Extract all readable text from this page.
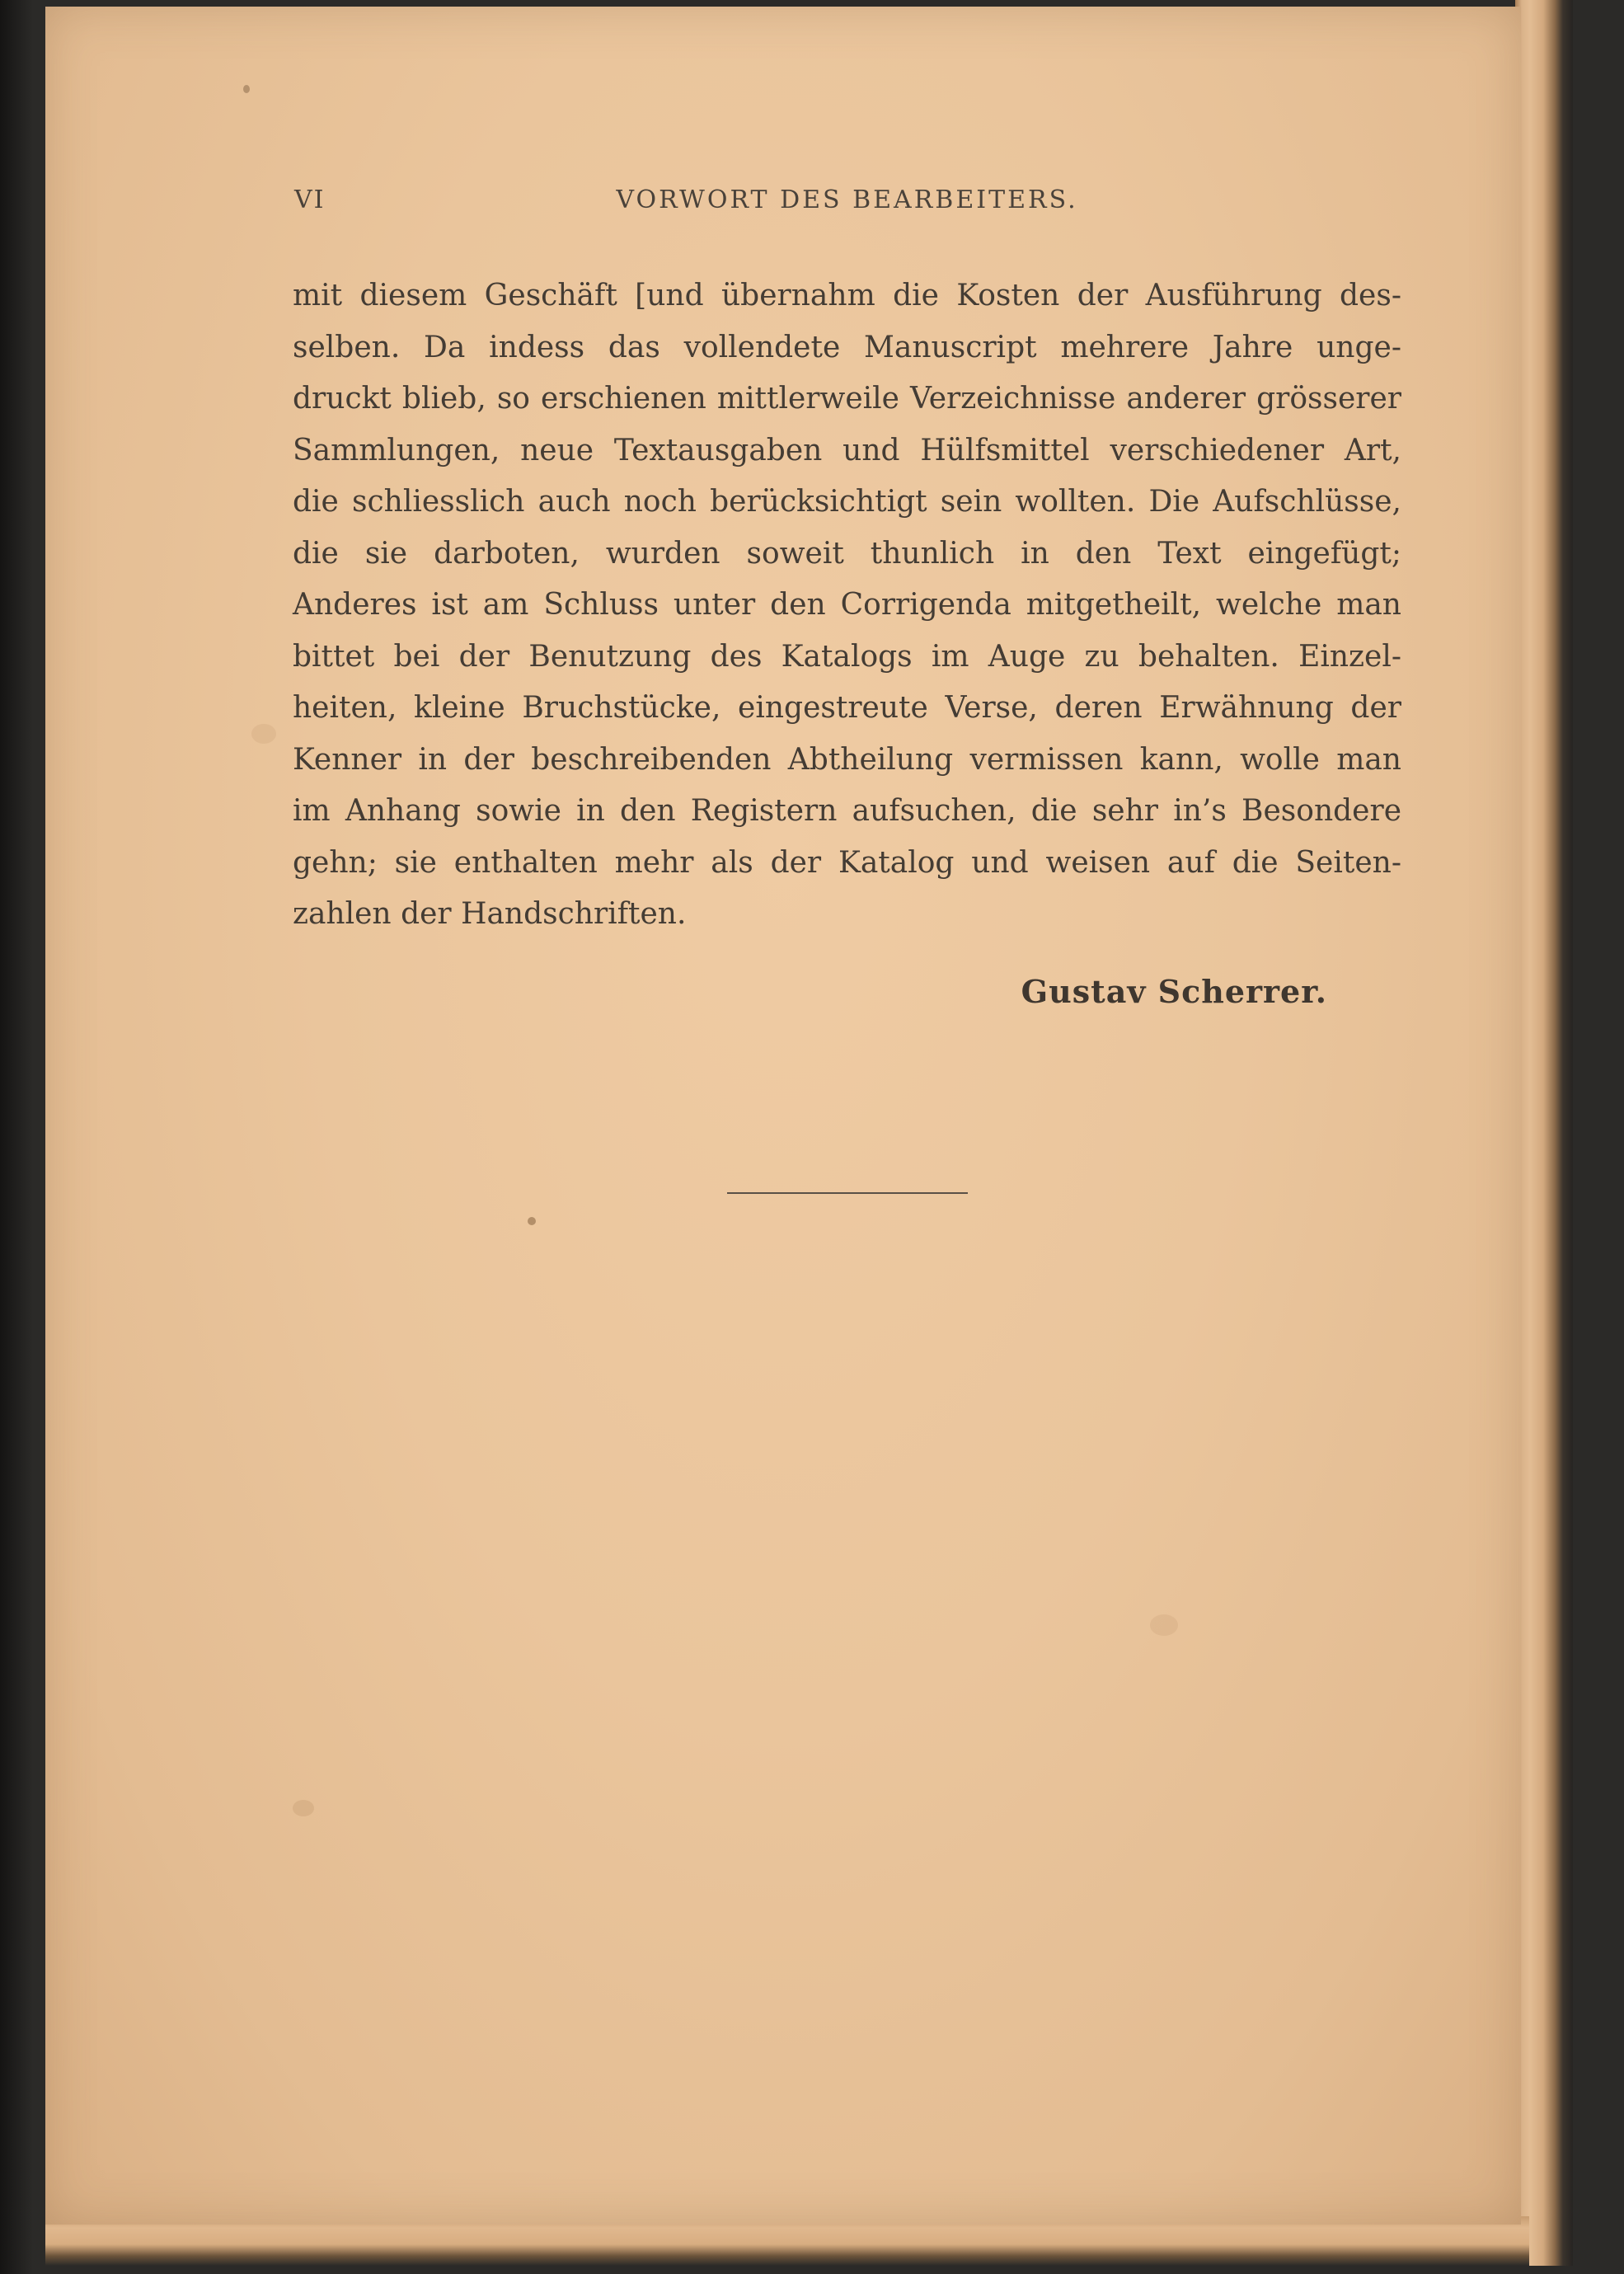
VI	VORWORT DES BEARBEITERS.
mit diesem Geschäft [und übernahm die Kosten der Ausführung des-
selben. Da indess das vollendete Manuscript mehrere Jahre unge-
druckt blieb, so erschienen mittlerweile Verzeichnisse anderer grösserer
Sammlungen, neue Textausgaben und Hülfsmittel verschiedener Art,
die schliesslich auch noch berücksichtigt sein wollten. Die Aufschlüsse,
die sie darboten, wurden soweit thunlich in den Text eingefügt;
Anderes ist am Schluss unter den Corrigenda mitgetheilt, welche man
bittet bei der Benutzung des Katalogs im Auge zu behalten. Einzel-
heiten, kleine Bruchstücke, eingestreute Verse, deren Erwähnung der
Kenner in der beschreibenden Abtheilung vermissen kann, wolle man
im Anhang sowie in den Registern aufsuchen, die sehr in’s Besondere
gehn; sie enthalten mehr als der Katalog und weisen auf die Seiten-
zahlen der Handschriften.
Gustav Scherrer.
